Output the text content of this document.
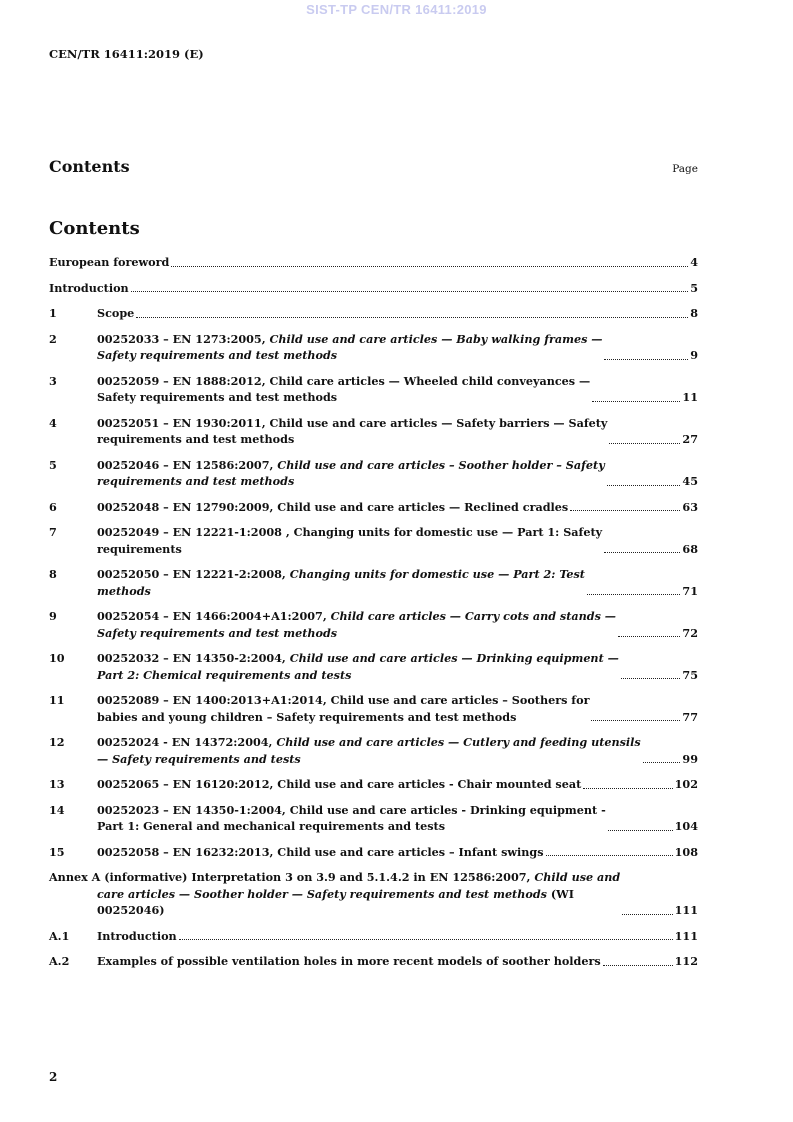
SIST-TP CEN/TR 16411:2019
CEN/TR 16411:2019 (E)
Contents	Page
Contents
European foreword	4
Introduction	5
1	Scope	8
2	00252033 – EN 1273:2005, Child use and care articles — Baby walking frames —
Safety requirements and test methods	9
3	00252059 – EN 1888:2012, Child care articles — Wheeled child conveyances —
Safety requirements and test methods	11
4	00252051 – EN 1930:2011, Child use and care articles — Safety barriers — Safety
requirements and test methods	27
5	00252046 – EN 12586:2007, Child use and care articles – Soother holder – Safety
requirements and test methods	45
6	00252048 – EN 12790:2009, Child use and care articles — Reclined cradles	63
7	00252049 – EN 12221-1:2008 , Changing units for domestic use — Part 1: Safety
requirements	68
8	00252050 – EN 12221-2:2008, Changing units for domestic use — Part 2: Test
methods	71
9	00252054 – EN 1466:2004+A1:2007, Child care articles — Carry cots and stands —
Safety requirements and test methods	72
10	00252032 – EN 14350-2:2004, Child use and care articles — Drinking equipment —
Part 2: Chemical requirements and tests	75
11	00252089 – EN 1400:2013+A1:2014, Child use and care articles – Soothers for
babies and young children – Safety requirements and test methods	77
12	00252024 - EN 14372:2004, Child use and care articles — Cutlery and feeding utensils
— Safety requirements and tests	99
13	00252065 – EN 16120:2012, Child use and care articles - Chair mounted seat	102
14	00252023 – EN 14350-1:2004, Child use and care articles - Drinking equipment -
Part 1: General and mechanical requirements and tests	104
15	00252058 – EN 16232:2013, Child use and care articles – Infant swings	108
Annex A (informative) Interpretation 3 on 3.9 and 5.1.4.2 in EN 12586:2007, Child use and
care articles — Soother holder — Safety requirements and test methods (WI
00252046)	111
A.1	Introduction	111
A.2	Examples of possible ventilation holes in more recent models of soother holders	112
2
